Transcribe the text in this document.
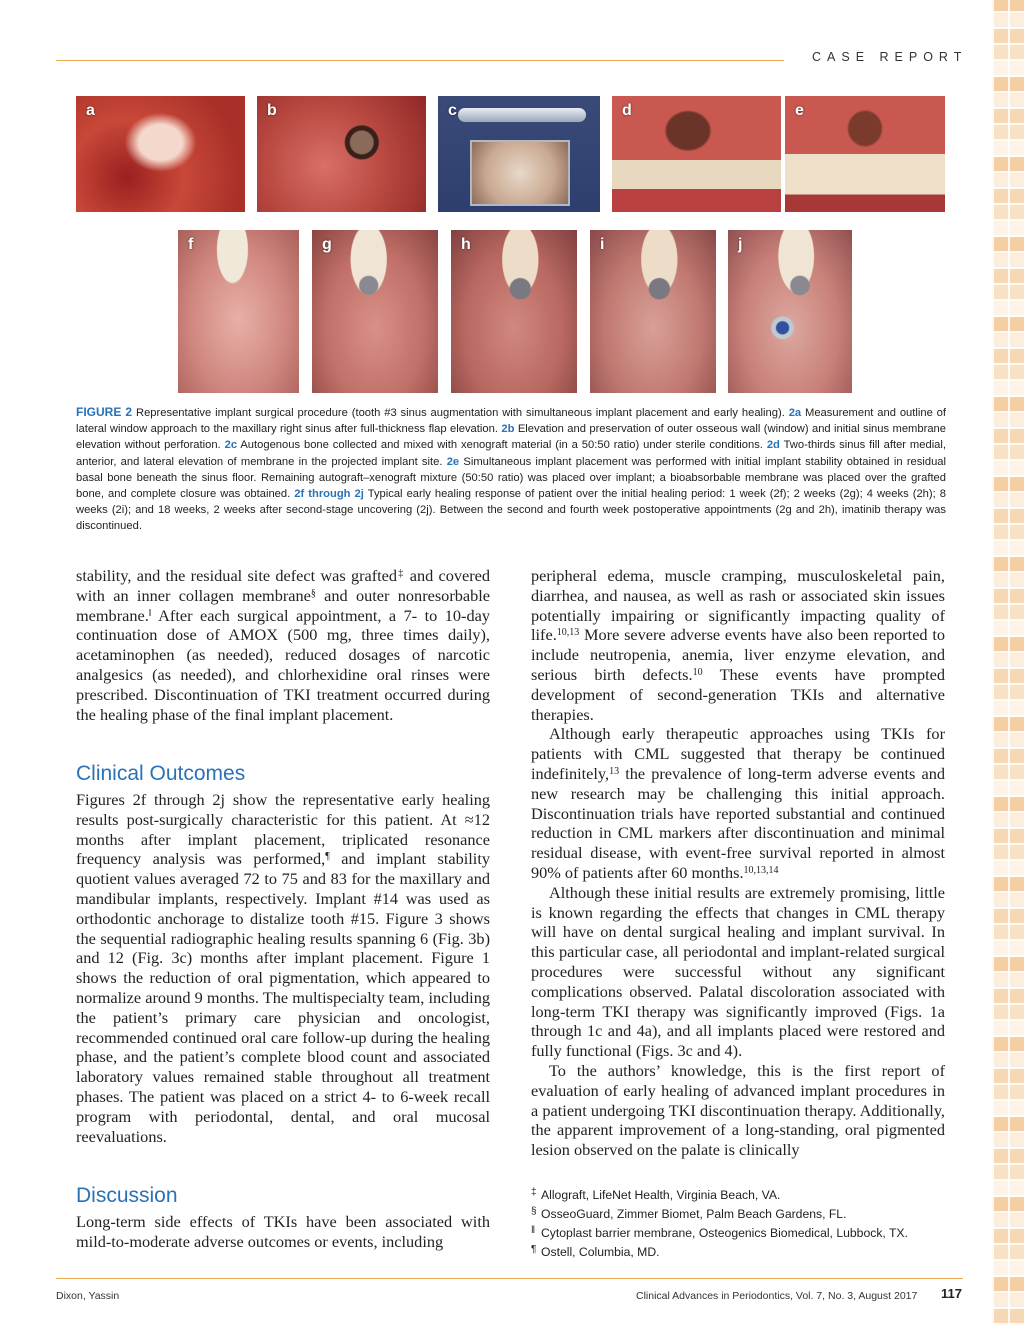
CASE REPORT
a	b	c	d	e
f	g	h	i	j
FIGURE 2 Representative implant surgical procedure (tooth #3 sinus augmentation with simultaneous implant placement and early healing). 2a Measurement and outline of lateral window approach to the maxillary right sinus after full-thickness flap elevation. 2b Elevation and preservation of outer osseous wall (window) and initial sinus membrane elevation without perforation. 2c Autogenous bone collected and mixed with xenograft material (in a 50:50 ratio) under sterile conditions. 2d Two-thirds sinus fill after medial, anterior, and lateral elevation of membrane in the projected implant site. 2e Simultaneous implant placement was performed with initial implant stability obtained in residual basal bone beneath the sinus floor. Remaining autograft–xenograft mixture (50:50 ratio) was placed over implant; a bioabsorbable membrane was placed over the grafted bone, and complete closure was obtained. 2f through 2j Typical early healing response of patient over the initial healing period: 1 week (2f); 2 weeks (2g); 4 weeks (2h); 8 weeks (2i); and 18 weeks, 2 weeks after second-stage uncovering (2j). Between the second and fourth week postoperative appointments (2g and 2h), imatinib therapy was discontinued.

stability, and the residual site defect was grafted‡ and covered with an inner collagen membrane§ and outer nonresorbable membrane.$^ǁ$ After each surgical appointment, a 7- to 10-day continuation dose of AMOX (500 mg, three times daily), acetaminophen (as needed), reduced dosages of narcotic analgesics (as needed), and chlorhexidine oral rinses were prescribed. Discontinuation of TKI treatment occurred during the healing phase of the final implant placement.

Clinical Outcomes

Figures 2f through 2j show the representative early healing results post-surgically characteristic for this patient. At ≈12 months after implant placement, triplicated resonance frequency analysis was performed,¶ and implant stability quotient values averaged 72 to 75 and 83 for the maxillary and mandibular implants, respectively. Implant #14 was used as orthodontic anchorage to distalize tooth #15. Figure 3 shows the sequential radiographic healing results spanning 6 (Fig. 3b) and 12 (Fig. 3c) months after implant placement. Figure 1 shows the reduction of oral pigmentation, which appeared to normalize around 9 months. The multispecialty team, including the patient’s primary care physician and oncologist, recommended continued oral care follow-up during the healing phase, and the patient’s complete blood count and associated laboratory values remained stable throughout all treatment phases. The patient was placed on a strict 4- to 6-week recall program with periodontal, dental, and oral mucosal reevaluations.

Discussion

Long-term side effects of TKIs have been associated with mild-to-moderate adverse outcomes or events, including

peripheral edema, muscle cramping, musculoskeletal pain, diarrhea, and nausea, as well as rash or associated skin issues potentially impairing or significantly impacting quality of life.$^{10,13}$ More severe adverse events have also been reported to include neutropenia, anemia, liver enzyme elevation, and serious birth defects.$^{10}$ These events have prompted development of second-generation TKIs and alternative therapies.

Although early therapeutic approaches using TKIs for patients with CML suggested that therapy be continued indefinitely,$^{13}$ the prevalence of long-term adverse events and new research may be challenging this initial approach. Discontinuation trials have reported substantial and continued reduction in CML markers after discontinuation and minimal residual disease, with event-free survival reported in almost 90% of patients after 60 months.$^{10,13,14}$

Although these initial results are extremely promising, little is known regarding the effects that changes in CML therapy will have on dental surgical healing and implant survival. In this particular case, all periodontal and implant-related surgical procedures were successful without any significant complications observed. Palatal discoloration associated with long-term TKI therapy was significantly improved (Figs. 1a through 1c and 4a), and all implants placed were restored and fully functional (Figs. 3c and 4).

To the authors’ knowledge, this is the first report of evaluation of early healing of advanced implant procedures in a patient undergoing TKI discontinuation therapy. Additionally, the apparent improvement of a long-standing, oral pigmented lesion observed on the palate is clinically

‡ Allograft, LifeNet Health, Virginia Beach, VA.
§ OsseoGuard, Zimmer Biomet, Palm Beach Gardens, FL.
ǁ Cytoplast barrier membrane, Osteogenics Biomedical, Lubbock, TX.
¶ Ostell, Columbia, MD.
Dixon, Yassin	Clinical Advances in Periodontics, Vol. 7, No. 3, August 2017 117
